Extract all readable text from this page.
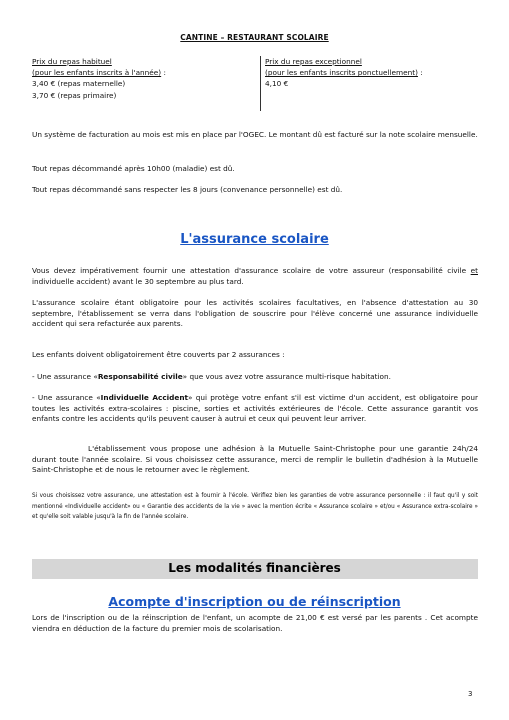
CANTINE – RESTAURANT SCOLAIRE
Prix du repas habituel
(pour les enfants inscrits à l'année) :
3,40 € (repas maternelle)
3,70 € (repas primaire)

Prix du repas exceptionnel
(pour les enfants inscrits ponctuellement) :
4,10 €

Un système de facturation au mois est mis en place par l'OGEC. Le montant dû est facturé sur la note scolaire mensuelle.

Tout repas décommandé après 10h00 (maladie) est dû.

Tout repas décommandé sans respecter les 8 jours (convenance personnelle) est dû.

L'assurance scolaire

Vous devez impérativement fournir une attestation d'assurance scolaire de votre assureur (responsabilité civile et individuelle accident) avant le 30 septembre au plus tard.

L'assurance scolaire étant obligatoire pour les activités scolaires facultatives, en l'absence d'attestation au 30 septembre, l'établissement se verra dans l'obligation de souscrire pour l'élève concerné une assurance individuelle accident qui sera refacturée aux parents.

Les enfants doivent obligatoirement être couverts par 2 assurances :

- Une assurance «Responsabilité civile» que vous avez votre assurance multi-risque habitation.

- Une assurance «Individuelle Accident» qui protège votre enfant s'il est victime d'un accident, est obligatoire pour toutes les activités extra-scolaires : piscine, sorties et activités extérieures de l'école. Cette assurance garantit vos enfants contre les accidents qu'ils peuvent causer à autrui et ceux qui peuvent leur arriver.

L'établissement vous propose une adhésion à la Mutuelle Saint-Christophe pour une garantie 24h/24 durant toute l'année scolaire. Si vous choisissez cette assurance, merci de remplir le bulletin d'adhésion à la Mutuelle Saint-Christophe et de nous le retourner avec le règlement.

Si vous choisissez votre assurance, une attestation est à fournir à l'école. Vérifiez bien les garanties de votre assurance personnelle : il faut qu'il y soit mentionné «Individuelle accident» ou « Garantie des accidents de la vie » avec la mention écrite « Assurance scolaire » et/ou « Assurance extra-scolaire » et qu'elle soit valable jusqu'à la fin de l'année scolaire.

Les modalités financières
Acompte d'inscription ou de réinscription

Lors de l'inscription ou de la réinscription de l'enfant, un acompte de 21,00 € est versé par les parents . Cet acompte viendra en déduction de la facture du premier mois de scolarisation.

3
